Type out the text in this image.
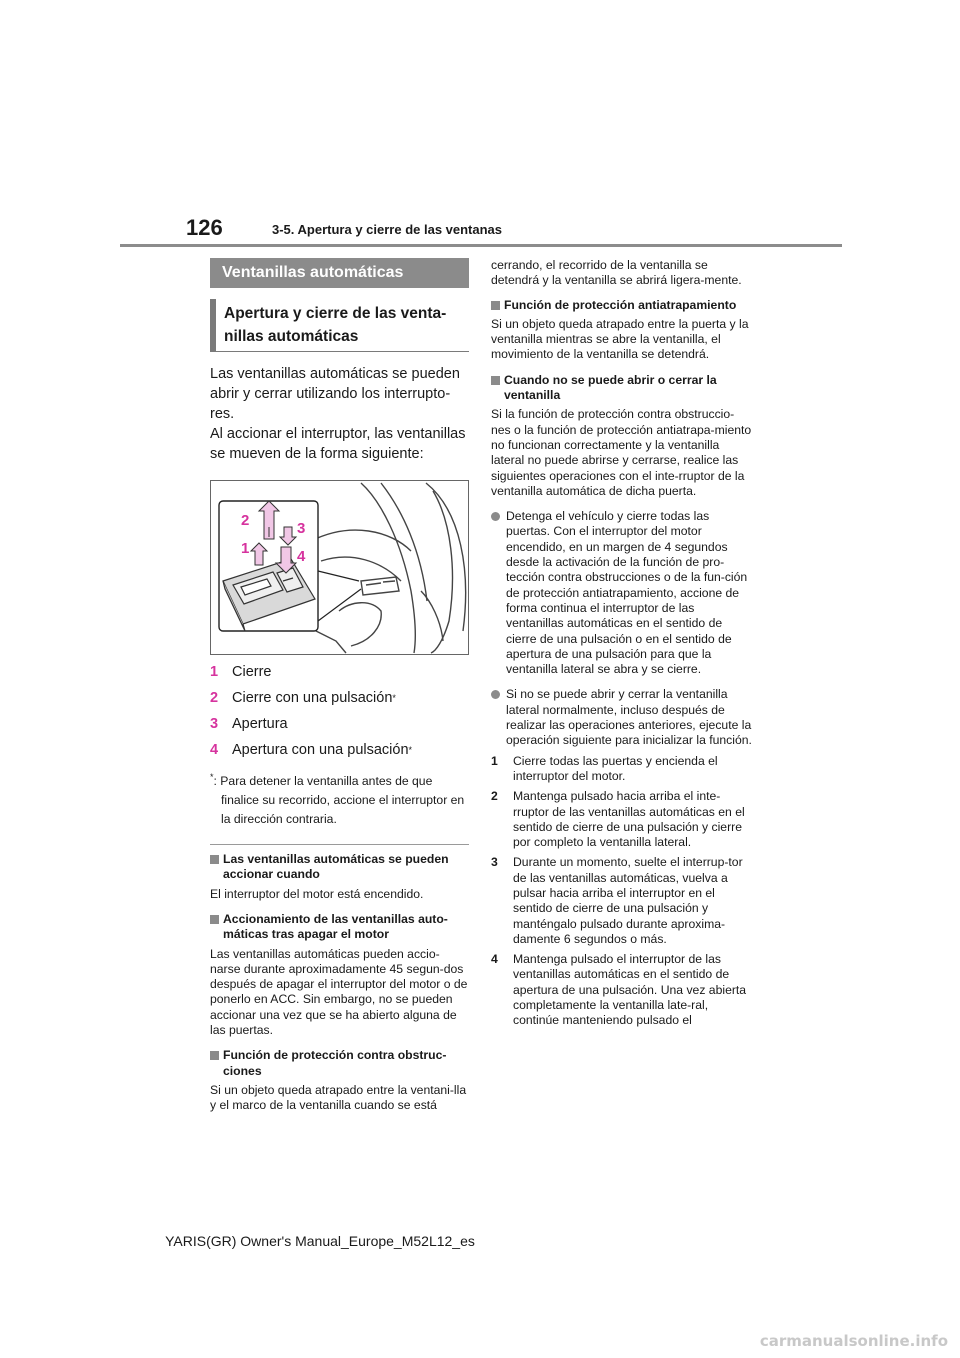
126	3-5. Apertura y cierre de las ventanas
Ventanillas automáticas
Apertura y cierre de las venta-nillas automáticas
Las ventanillas automáticas se pueden abrir y cerrar utilizando los interrupto-res.
Al accionar el interruptor, las ventanillas se mueven de la forma siguiente:
1
2	3
4
1 Cierre
2 Cierre con una pulsación *
3 Apertura
4 Apertura con una pulsación *
*: Para detener la ventanilla antes de que
finalice su recorrido, accione el interruptor en la dirección contraria.
Las ventanillas automáticas se pueden accionar cuando
El interruptor del motor está encendido.
Accionamiento de las ventanillas auto-máticas tras apagar el motor
Las ventanillas automáticas pueden accio-narse durante aproximadamente 45 segun-dos después de apagar el interruptor del motor o de ponerlo en ACC. Sin embargo, no se pueden accionar una vez que se ha abierto alguna de las puertas.
Función de protección contra obstruc-ciones
Si un objeto queda atrapado entre la ventani-lla y el marco de la ventanilla cuando se está
cerrando, el recorrido de la ventanilla se detendrá y la ventanilla se abrirá ligera-mente.
Función de protección antiatrapamiento
Si un objeto queda atrapado entre la puerta y la ventanilla mientras se abre la ventanilla, el movimiento de la ventanilla se detendrá.
Cuando no se puede abrir o cerrar la ventanilla
Si la función de protección contra obstruccio-nes o la función de protección antiatrapa-miento no funcionan correctamente y la ventanilla lateral no puede abrirse y cerrarse, realice las siguientes operaciones con el inte-rruptor de la ventanilla automática de dicha puerta.
Detenga el vehículo y cierre todas las puertas. Con el interruptor del motor encendido, en un margen de 4 segundos desde la activación de la función de pro-tección contra obstrucciones o de la fun-ción de protección antiatrapamiento, accione de forma continua el interruptor de las ventanillas automáticas en el sentido de cierre de una pulsación o en el sentido de apertura de una pulsación para que la ventanilla lateral se abra y se cierre.
Si no se puede abrir y cerrar la ventanilla lateral normalmente, incluso después de realizar las operaciones anteriores, ejecute la operación siguiente para inicializar la función.
1	Cierre todas las puertas y encienda el interruptor del motor.
2	Mantenga pulsado hacia arriba el inte-rruptor de las ventanillas automáticas en el sentido de cierre de una pulsación y cierre por completo la ventanilla lateral.
3	Durante un momento, suelte el interrup-tor de las ventanillas automáticas, vuelva a pulsar hacia arriba el interruptor en el sentido de cierre de una pulsación y manténgalo pulsado durante aproxima-damente 6 segundos o más.
4	Mantenga pulsado el interruptor de las ventanillas automáticas en el sentido de apertura de una pulsación. Una vez abierta completamente la ventanilla late-ral, continúe manteniendo pulsado el
YARIS(GR) Owner's Manual_Europe_M52L12_es
carmanualsonline.info
